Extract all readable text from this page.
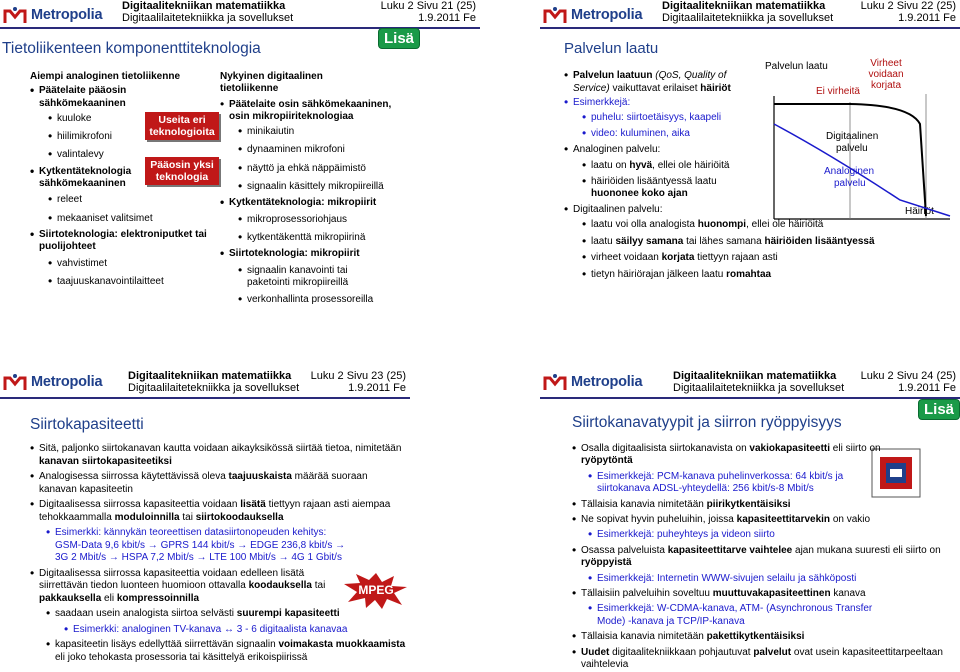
Metropolia
Digitaalitekniikan matematiikka
Digitaalilaitetekniikka ja sovellukset
Luku 2 Sivu 21 (25)
1.9.2011 Fe
Tietoliikenteen komponenttiteknologia
Lisä
Aiempi analoginen tietoliikenne
• Päätelaite pääosin sähkömekaaninen
• kuuloke
• hiilimikrofoni
• valintalevy
• Kytkentäteknologia sähkömekaaninen
• releet
• mekaaniset valitsimet
• Siirtoteknologia: elektroniputket tai puolijohteet
• vahvistimet
• taajuuskanavointilaitteet
Useita eri teknologioita
Pääosin yksi teknologia
Nykyinen digitaalinen tietoliikenne
• Päätelaite osin sähkömekaaninen, osin mikropiiriteknologiaa
• minikaiutin
• dynaaminen mikrofoni
• näyttö ja ehkä näppäimistö
• signaalin käsittely mikropiireillä
• Kytkentäteknologia: mikropiirit
• mikroprosessoriohjaus
• kytkentäkenttä mikropiirinä
• Siirtoteknologia: mikropiirit
• signaalin kanavointi tai paketointi mikropiireillä
• verkonhallinta prosessoreilla
Metropolia
Digitaalitekniikan matematiikka
Digitaalilaitetekniikka ja sovellukset
Luku 2 Sivu 22 (25)
1.9.2011 Fe
Palvelun laatu
Palvelun laatu
Häiriöt
Ei virheitä
Virheet voidaan korjata
Digitaalinen palvelu
Analoginen palvelu
• Palvelun laatuun (QoS, Quality of Service) vaikuttavat erilaiset häiriöt
• Esimerkkejä:
• puhelu: siirtoetäisyys, kaapeli
• video: kuluminen, aika
• Analoginen palvelu:
• laatu on hyvä, ellei ole häiriöitä
• häiriöiden lisääntyessä laatu huononee koko ajan
• Digitaalinen palvelu:
• laatu voi olla analogista huonompi, ellei ole häiriöitä
• laatu säilyy samana tai lähes samana häiriöiden lisääntyessä
• virheet voidaan korjata tiettyyn rajaan asti
• tietyn häiriörajan jälkeen laatu romahtaa
Metropolia Digitaalitekniikan matematiikka
Digitaalilaitetekniikka ja sovellukset
Luku 2 Sivu 23 (25)
1.9.2011 Fe
Siirtokapasiteetti
• Sitä, paljonko siirtokanavan kautta voidaan aikayksikössä siirtää tietoa, nimitetään kanavan siirtokapasiteetiksi
• Analogisessa siirrossa käytettävissä oleva taajuuskaista määrää suoraan kanavan kapasiteetin
• Digitaalisessa siirrossa kapasiteettia voidaan lisätä tiettyyn rajaan asti aiempaa tehokkaammalla moduloinnilla tai siirtokoodauksella
• Esimerkki: kännykän teoreettisen datasiirtonopeuden kehitys:
GSM-Data 9,6 kbit/s → GPRS 144 kbit/s → EDGE 236,8 kbit/s →
3G 2 Mbit/s → HSPA 7,2 Mbit/s → LTE 100 Mbit/s → 4G 1 Gbit/s
• Digitaalisessa siirrossa kapasiteettia voidaan edelleen lisätä siirrettävän tiedon luonteen huomioon ottavalla koodauksella tai pakkauksella eli kompressoinnilla
• saadaan usein analogista siirtoa selvästi suurempi kapasiteetti
• Esimerkki: analoginen TV-kanava ↔ 3 - 6 digitaalista kanavaa
• kapasiteetin lisäys edellyttää siirrettävän signaalin voimakasta muokkaamista eli joko tehokasta prosessoria tai käsittelyä erikoispiirissä
MPEG
Metropolia	Digitaalitekniikan matematiikka
Digitaalilaitetekniikka ja sovellukset
Luku 2 Sivu 24 (25)
1.9.2011 Fe
Siirtokanavatyypit ja siirron ryöppyisyys
Lisä
• Osalla digitaalisista siirtokanavista on vakiokapasiteetti eli siirto on ryöpytöntä
• Esimerkkejä: PCM-kanava puhelinverkossa: 64 kbit/s ja siirtokanava ADSL-yhteydellä: 256 kbit/s-8 Mbit/s
• Tällaisia kanavia nimitetään piirikytkentäisiksi
• Ne sopivat hyvin puheluihin, joissa kapasiteettitarvekin on vakio
• Esimerkkejä: puheyhteys ja videon siirto
• Osassa palveluista kapasiteettitarve vaihtelee ajan mukana suuresti eli siirto on ryöppyistä
• Esimerkkejä: Internetin WWW-sivujen selailu ja sähköposti
• Tällaisiin palveluihin soveltuu muuttuvakapasiteettinen kanava
• Esimerkkejä: W-CDMA-kanava, ATM- (Asynchronous Transfer Mode) -kanava ja TCP/IP-kanava
• Tällaisia kanavia nimitetään pakettikytkentäisiksi
• Uudet digitaalitekniikkaan pohjautuvat palvelut ovat usein kapasiteettitarpeeltaan vaihtelevia
